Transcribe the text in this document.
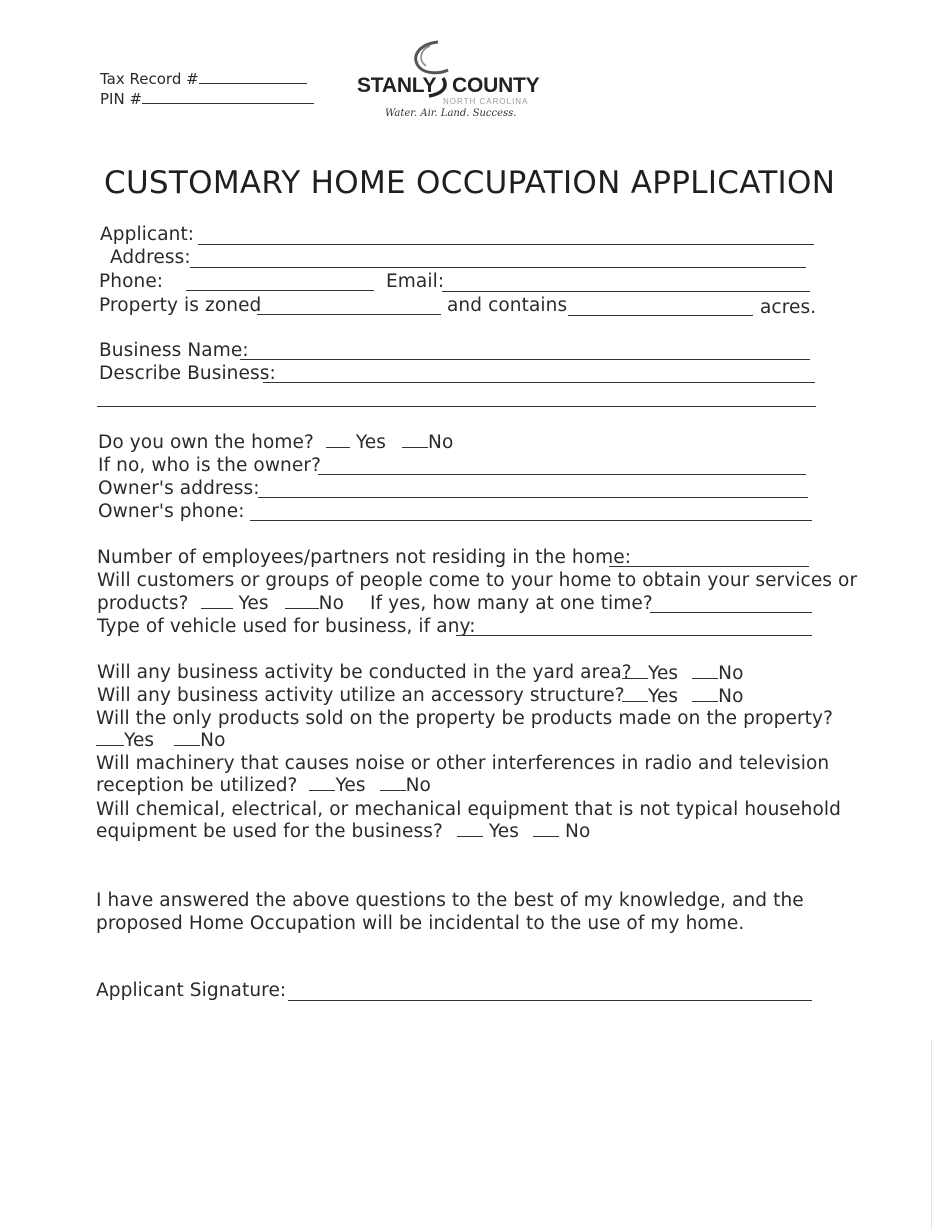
Tax Record #
PIN #
STANLY COUNTY
NORTH CAROLINA
Water. Air. Land. Success.
CUSTOMARY HOME OCCUPATION APPLICATION
Applicant:
Address:
Phone:	Email:
Property is zoned	and contains	acres.
Business Name:
Describe Business:
Do you own the home? Yes No
If no, who is the owner?
Owner's address:
Owner's phone:
Number of employees/partners not residing in the home:
Will customers or groups of people come to your home to obtain your services or
products?	Yes	No If yes, how many at one time?
Type of vehicle used for business, if any:
Will any business activity be conducted in the yard area? Yes No
Will any business activity utilize an accessory structure?	Yes No
Will the only products sold on the property be products made on the property?
Yes No
Will machinery that causes noise or other interferences in radio and television
reception be utilized? Yes No
Will chemical, electrical, or mechanical equipment that is not typical household
equipment be used for the business? Yes No
I have answered the above questions to the best of my knowledge, and the
proposed Home Occupation will be incidental to the use of my home.
Applicant Signature:
